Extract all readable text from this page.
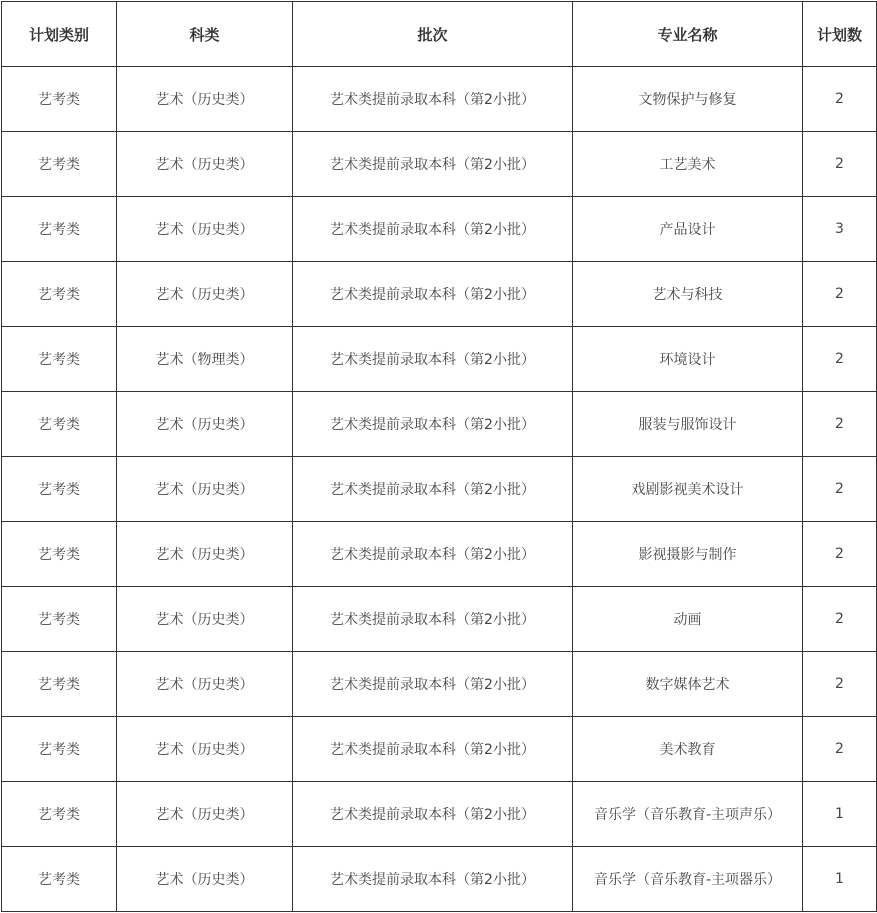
计划类别	科类	批次	专业名称	计划数
艺考类	艺术（历史类）	艺术类提前录取本科（第2小批）	文物保护与修复	2
艺考类	艺术（历史类）	艺术类提前录取本科（第2小批）	工艺美术	2
艺考类	艺术（历史类）	艺术类提前录取本科（第2小批）	产品设计	3
艺考类	艺术（历史类）	艺术类提前录取本科（第2小批）	艺术与科技	2
艺考类	艺术（物理类）	艺术类提前录取本科（第2小批）	环境设计	2
艺考类	艺术（历史类）	艺术类提前录取本科（第2小批）	服装与服饰设计	2
艺考类	艺术（历史类）	艺术类提前录取本科（第2小批）	戏剧影视美术设计	2
艺考类	艺术（历史类）	艺术类提前录取本科（第2小批）	影视摄影与制作	2
艺考类	艺术（历史类）	艺术类提前录取本科（第2小批）	动画	2
艺考类	艺术（历史类）	艺术类提前录取本科（第2小批）	数字媒体艺术	2
艺考类	艺术（历史类）	艺术类提前录取本科（第2小批）	美术教育	2
艺考类	艺术（历史类）	艺术类提前录取本科（第2小批）	音乐学（音乐教育-主项声乐）	1
艺考类	艺术（历史类）	艺术类提前录取本科（第2小批）	音乐学（音乐教育-主项器乐）	1
